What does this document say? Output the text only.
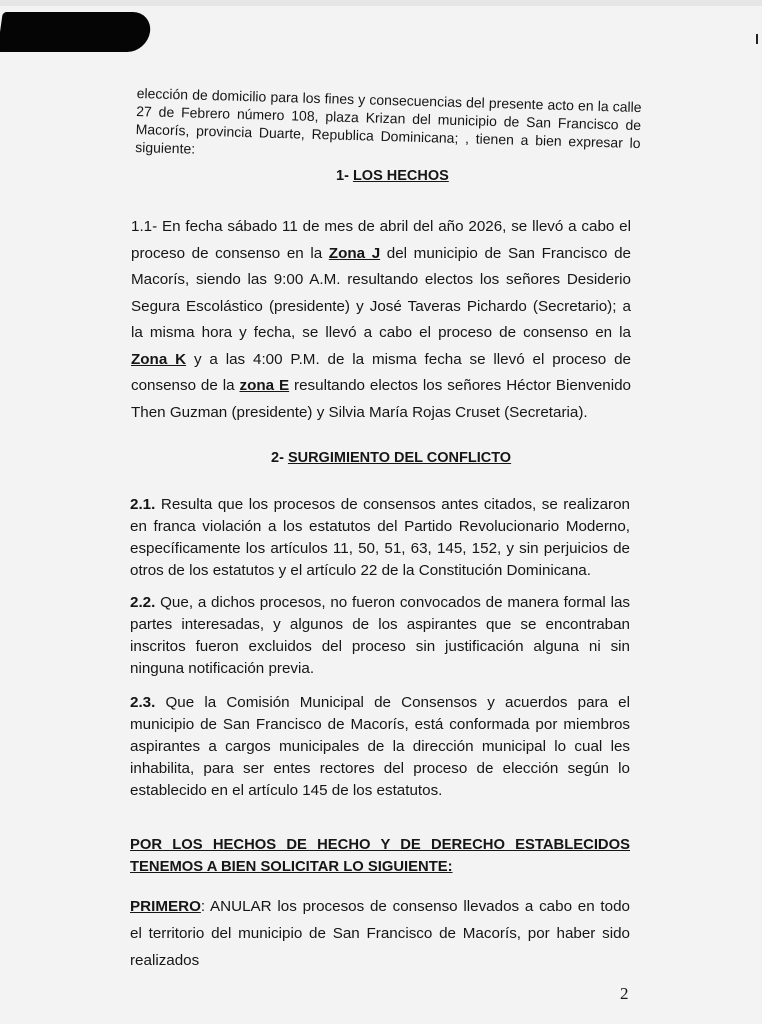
elección de domicilio para los fines y consecuencias del presente acto en la calle 27 de Febrero número 108, plaza Krizan del municipio de San Francisco de Macorís, provincia Duarte, Republica Dominicana; , tienen a bien expresar lo siguiente:

1- LOS HECHOS

1.1- En fecha sábado 11 de mes de abril del año 2026, se llevó a cabo el proceso de consenso en la Zona J del municipio de San Francisco de Macorís, siendo las 9:00 A.M. resultando electos los señores Desiderio Segura Escolástico (presidente) y José Taveras Pichardo (Secretario); a la misma hora y fecha, se llevó a cabo el proceso de consenso en la Zona K y a las 4:00 P.M. de la misma fecha se llevó el proceso de consenso de la zona E resultando electos los señores Héctor Bienvenido Then Guzman (presidente) y Silvia María Rojas Cruset (Secretaria).

2- SURGIMIENTO DEL CONFLICTO

2.1. Resulta que los procesos de consensos antes citados, se realizaron en franca violación a los estatutos del Partido Revolucionario Moderno, específicamente los artículos 11, 50, 51, 63, 145, 152, y sin perjuicios de otros de los estatutos y el artículo 22 de la Constitución Dominicana.

2.2. Que, a dichos procesos, no fueron convocados de manera formal las partes interesadas, y algunos de los aspirantes que se encontraban inscritos fueron excluidos del proceso sin justificación alguna ni sin ninguna notificación previa.

2.3. Que la Comisión Municipal de Consensos y acuerdos para el municipio de San Francisco de Macorís, está conformada por miembros aspirantes a cargos municipales de la dirección municipal lo cual les inhabilita, para ser entes rectores del proceso de elección según lo establecido en el artículo 145 de los estatutos.

POR LOS HECHOS DE HECHO Y DE DERECHO ESTABLECIDOS
TENEMOS A BIEN SOLICITAR LO SIGUIENTE:

PRIMERO: ANULAR los procesos de consenso llevados a cabo en todo el territorio del municipio de San Francisco de Macorís, por haber sido realizados

2
